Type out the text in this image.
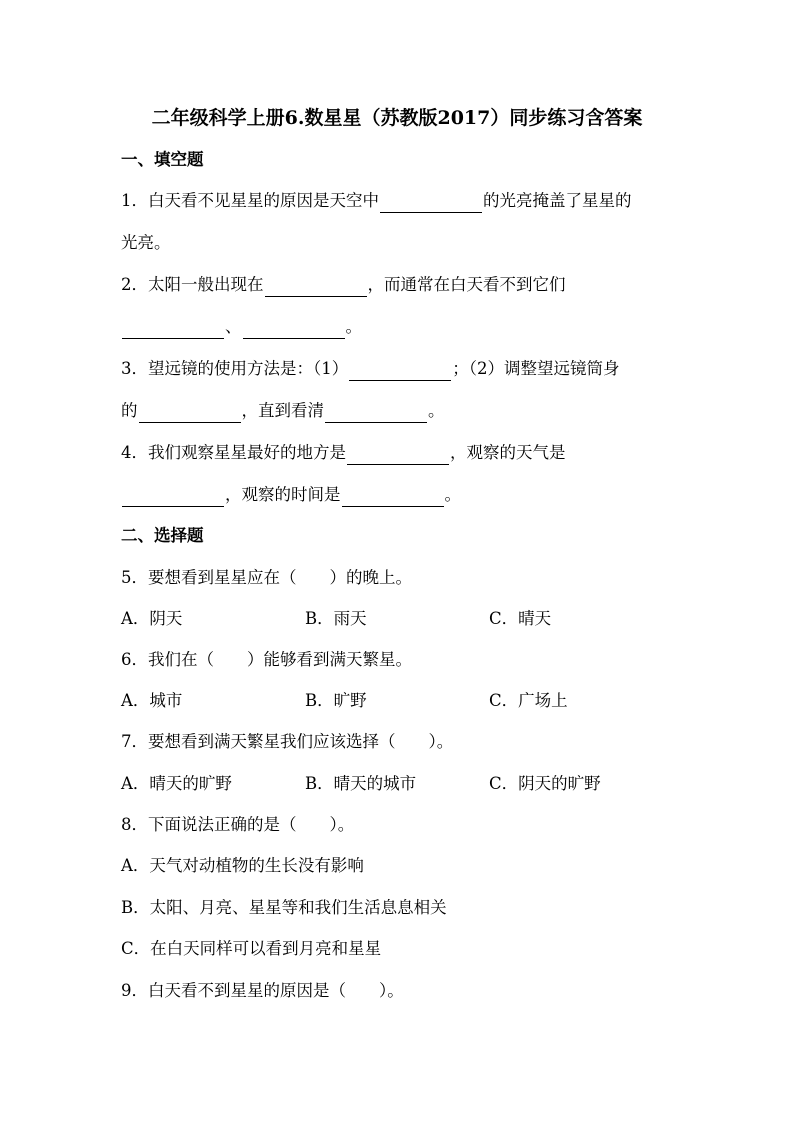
二年级科学上册6.数星星（苏教版2017）同步练习含答案
一、填空题
1．白天看不见星星的原因是天空中	的光亮掩盖了星星的
光亮。
2．太阳一般出现在	，而通常在白天看不到它们
、	。
3．望远镜的使用方法是：（1）	；（2）调整望远镜筒身
的	，直到看清	。
4．我们观察星星最好的地方是	，观察的天气是
，观察的时间是	。
二、选择题
5．要想看到星星应在（　　）的晚上。
A．阴天	B．雨天	C．晴天
6．我们在（　　）能够看到满天繁星。
A．城市	B．旷野	C．广场上
7．要想看到满天繁星我们应该选择（　　）。
A．晴天的旷野	B．晴天的城市	C．阴天的旷野
8．下面说法正确的是（　　）。
A．天气对动植物的生长没有影响
B．太阳、月亮、星星等和我们生活息息相关
C．在白天同样可以看到月亮和星星
9．白天看不到星星的原因是（　　）。
